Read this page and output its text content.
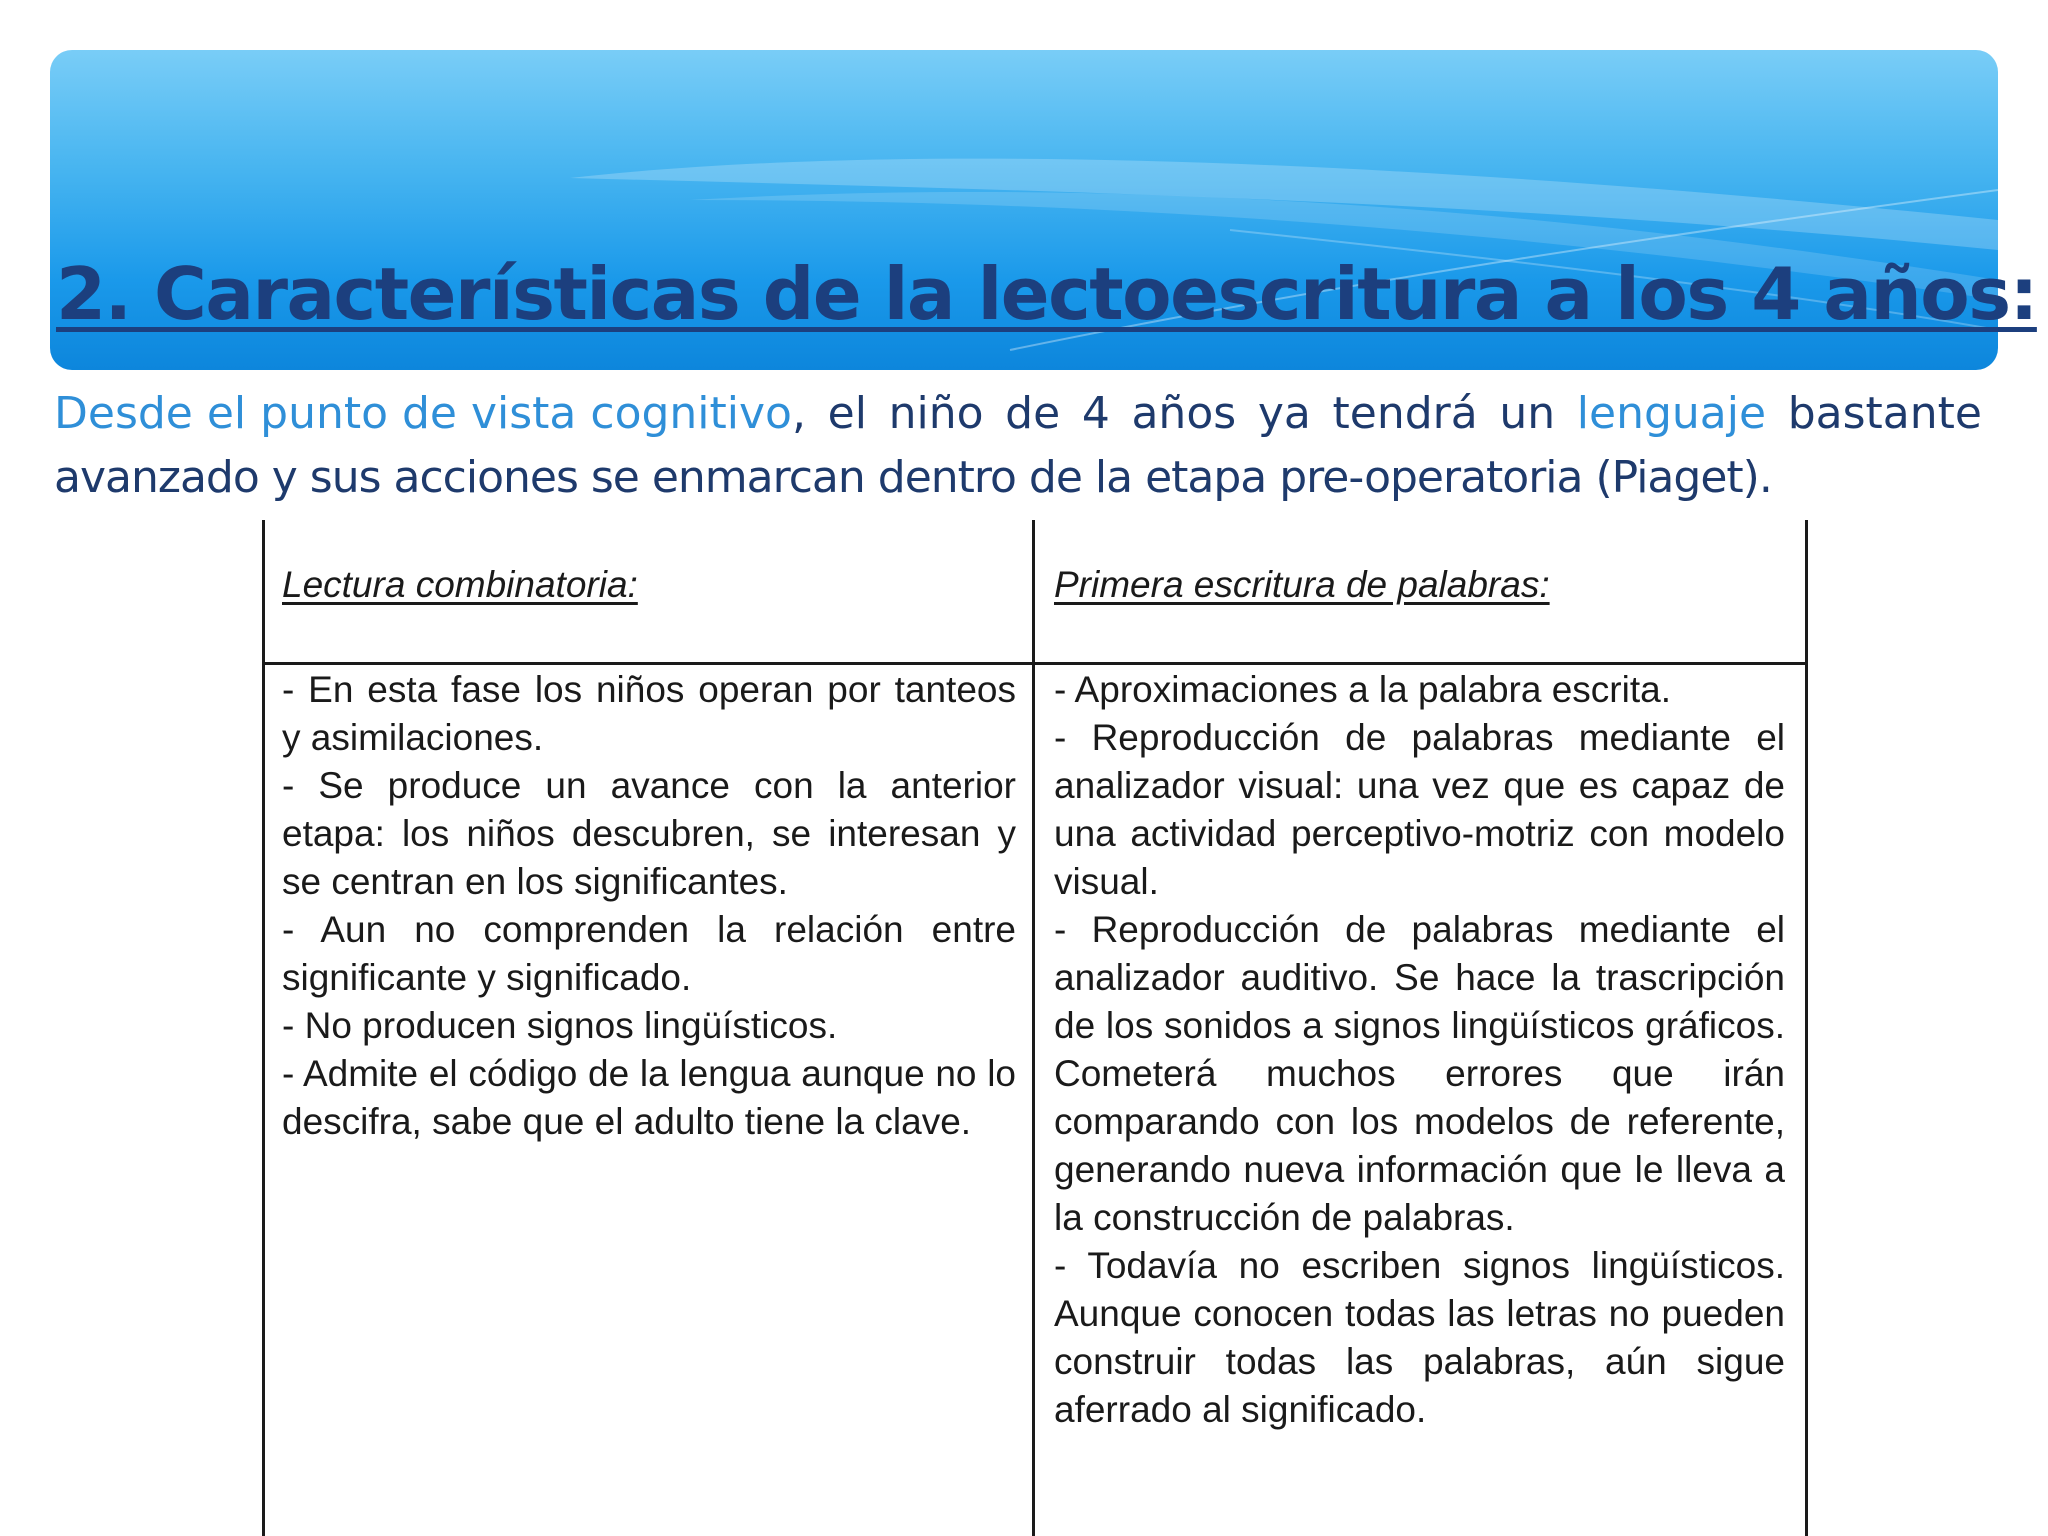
2. Características de la lectoescritura a los 4 años:
Desde el punto de vista cognitivo, el niño de 4 años ya tendrá un lenguaje bastante
avanzado y sus acciones se enmarcan dentro de la etapa pre-operatoria (Piaget).
Lectura combinatoria:	Primera escritura de palabras:

- En esta fase los niños operan por tanteos y asimilaciones.

- Se produce un avance con la anterior etapa: los niños descubren, se interesan y se centran en los significantes.

- Aun no comprenden la relación entre significante y significado.

- No producen signos lingüísticos.

- Admite el código de la lengua aunque no lo descifra, sabe que el adulto tiene la clave.

- Aproximaciones a la palabra escrita.

- Reproducción de palabras mediante el analizador visual: una vez que es capaz de una actividad perceptivo-motriz con modelo visual.

- Reproducción de palabras mediante el analizador auditivo. Se hace la trascripción de los sonidos a signos lingüísticos gráficos. Cometerá muchos errores que irán comparando con los modelos de referente, generando nueva información que le lleva a la construcción de palabras.

- Todavía no escriben signos lingüísticos. Aunque conocen todas las letras no pueden construir todas las palabras, aún sigue aferrado al significado.
